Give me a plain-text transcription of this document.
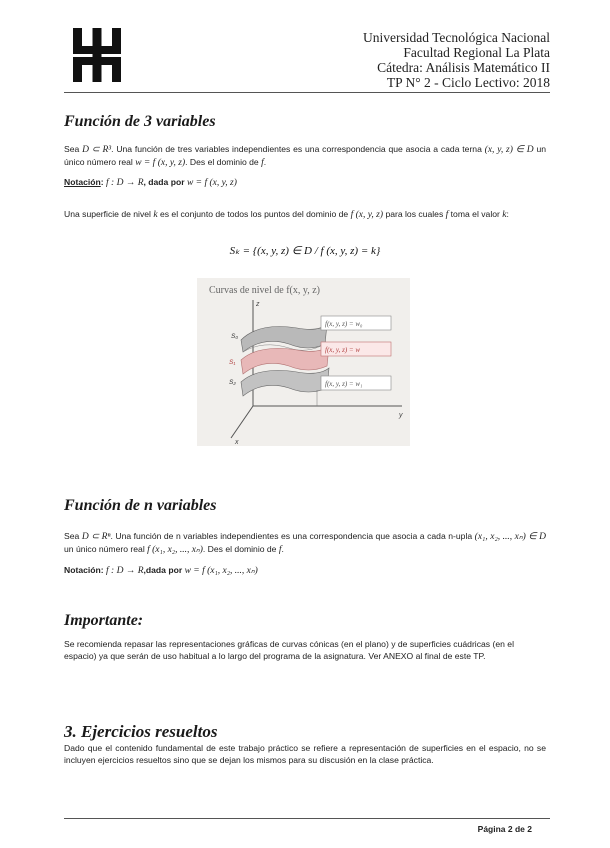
Universidad Tecnológica Nacional
Facultad Regional La Plata
Cátedra: Análisis Matemático II
TP N° 2 - Ciclo Lectivo: 2018
Función de 3 variables

Sea D ⊂ R³. Una función de tres variables independientes es una correspondencia que asocia a cada terna (x, y, z) ∈ D un único número real w = f (x, y, z). Des el dominio de f.

Notación: f : D → R, dada por w = f (x, y, z)

Una superficie de nivel k es el conjunto de todos los puntos del dominio de f (x, y, z) para los cuales f toma el valor k:

Sₖ = {(x, y, z) ∈ D / f (x, y, z) = k}
Curvas de nivel de f(x, y, z)
z
y
x
S₀
S₁
S₂
f(x, y, z) = w₀
f(x, y, z) = w
f(x, y, z) = w₁
Función de n variables

Sea D ⊂ Rⁿ. Una función de n variables independientes es una correspondencia que asocia a cada n-upla (x₁, x₂, ..., xₙ) ∈ D un único número real f (x₁, x₂, ..., xₙ). Des el dominio de f.

Notación: f : D → R,dada por w = f (x₁, x₂, ..., xₙ)

Importante:

Se recomienda repasar las representaciones gráficas de curvas cónicas (en el plano) y de superficies cuádricas (en el espacio) ya que serán de uso habitual a lo largo del programa de la asignatura. Ver ANEXO al final de este TP.

3. Ejercicios resueltos

Dado que el contenido fundamental de este trabajo práctico se refiere a representación de superficies en el espacio, no se incluyen ejercicios resueltos sino que se dejan los mismos para su discusión en la clase práctica.

Página 2 de 2
